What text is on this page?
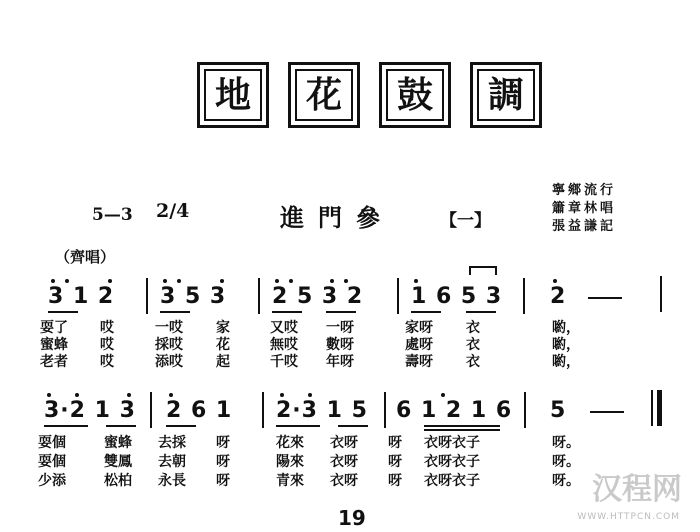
地	花	鼓	調
5—3 2/4	進門參	【一】
寧鄉流行
簫章林唱
張益謙記
（齊唱）
3 1 2 3 5 3 2 5 3 2 1 6 5 3 2
耍了 哎	一哎 家	又哎 一呀	家呀 衣	喲，
蜜蜂 哎	採哎 花	無哎 數呀	處呀 衣	喲，
老者 哎	添哎 起	千哎 年呀	壽呀 衣	喲，
3·2 1 3 2 6 1 2·3 1 5 6 1 2 1 6 5
耍個	蜜蜂 去採 呀	花來 衣呀 呀 衣呀衣子	呀。
耍個	雙鳳 去朝 呀	陽來 衣呀 呀 衣呀衣子	呀。
少添	松柏 永長 呀	青來 衣呀 呀 衣呀衣子	呀。
19
汉程网
WWW.HTTPCN.COM
